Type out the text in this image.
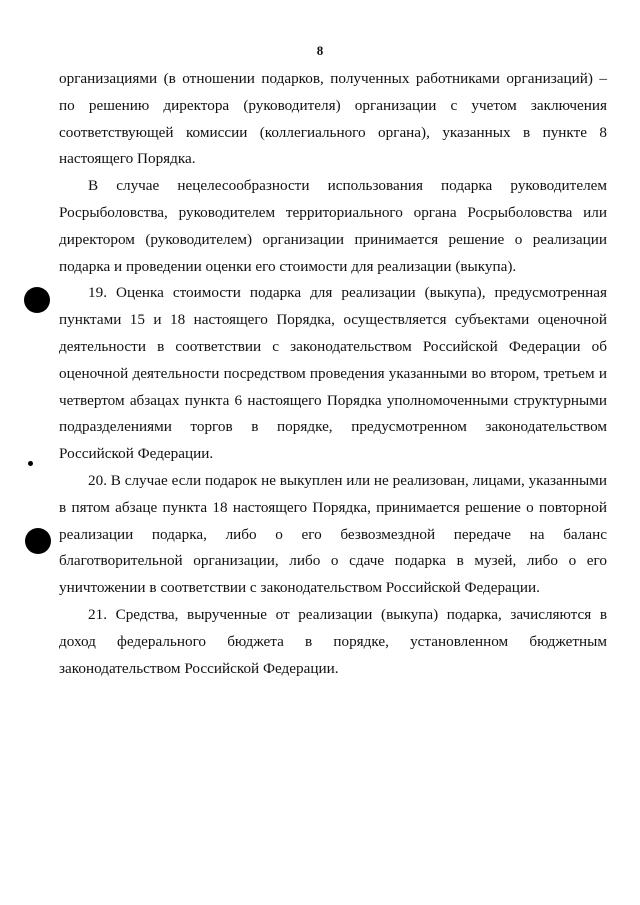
8

организациями (в отношении подарков, полученных работниками организаций) – по решению директора (руководителя) организации с учетом заключения соответствующей комиссии (коллегиального органа), указанных в пункте 8 настоящего Порядка.

В случае нецелесообразности использования подарка руководителем Росрыболовства, руководителем территориального органа Росрыболовства или директором (руководителем) организации принимается решение о реализации подарка и проведении оценки его стоимости для реализации (выкупа).

19. Оценка стоимости подарка для реализации (выкупа), предусмотренная пунктами 15 и 18 настоящего Порядка, осуществляется субъектами оценочной деятельности в соответствии с законодательством Российской Федерации об оценочной деятельности посредством проведения указанными во втором, третьем и четвертом абзацах пункта 6 настоящего Порядка уполномоченными структурными подразделениями торгов в порядке, предусмотренном законодательством Российской Федерации.

20. В случае если подарок не выкуплен или не реализован, лицами, указанными в пятом абзаце пункта 18 настоящего Порядка, принимается решение о повторной реализации подарка, либо о его безвозмездной передаче на баланс благотворительной организации, либо о сдаче подарка в музей, либо о его уничтожении в соответствии с законодательством Российской Федерации.

21. Средства, вырученные от реализации (выкупа) подарка, зачисляются в доход федерального бюджета в порядке, установленном бюджетным законодательством Российской Федерации.
